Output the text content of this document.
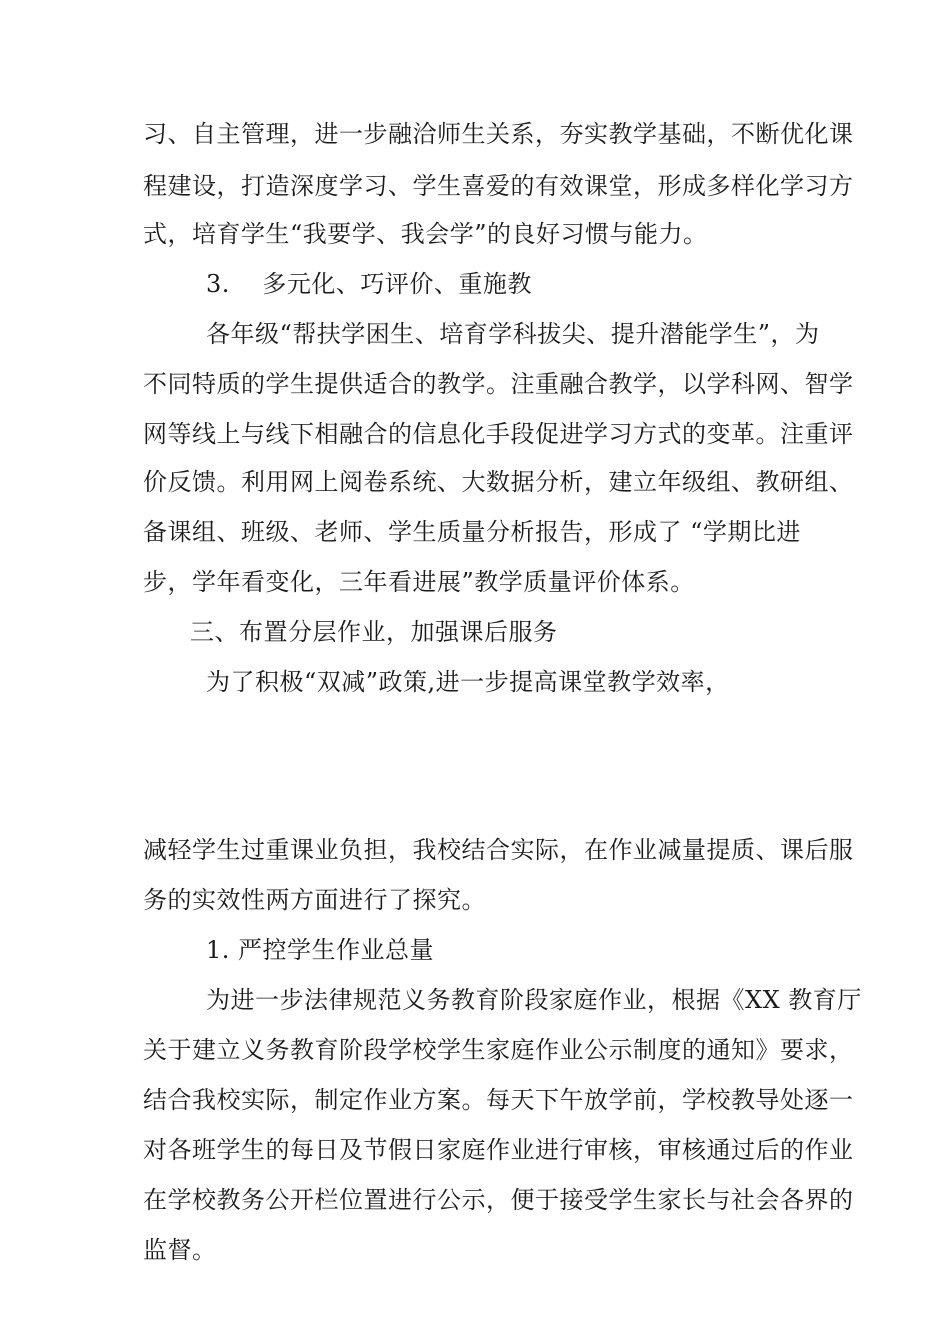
习、自主管理，进一步融洽师生关系，夯实教学基础，不断优化课
程建设，打造深度学习、学生喜爱的有效课堂，形成多样化学习方
式，培育学生“我要学、我会学”的良好习惯与能力。
3.    多元化、巧评价、重施教
各年级“帮扶学困生、培育学科拔尖、提升潜能学生”，为
不同特质的学生提供适合的教学。注重融合教学，以学科网、智学
网等线上与线下相融合的信息化手段促进学习方式的变革。注重评
价反馈。利用网上阅卷系统、大数据分析，建立年级组、教研组、
备课组、班级、老师、学生质量分析报告，形成了 “学期比进
步，学年看变化，三年看进展”教学质量评价体系。
三、布置分层作业，加强课后服务
为了积极“双减”政策,进一步提高课堂教学效率，
减轻学生过重课业负担，我校结合实际，在作业减量提质、课后服
务的实效性两方面进行了探究。
1. 严控学生作业总量
为进一步法律规范义务教育阶段家庭作业，根据《XX 教育厅
关于建立义务教育阶段学校学生家庭作业公示制度的通知》要求，
结合我校实际，制定作业方案。每天下午放学前，学校教导处逐一
对各班学生的每日及节假日家庭作业进行审核，审核通过后的作业
在学校教务公开栏位置进行公示，便于接受学生家长与社会各界的
监督。
